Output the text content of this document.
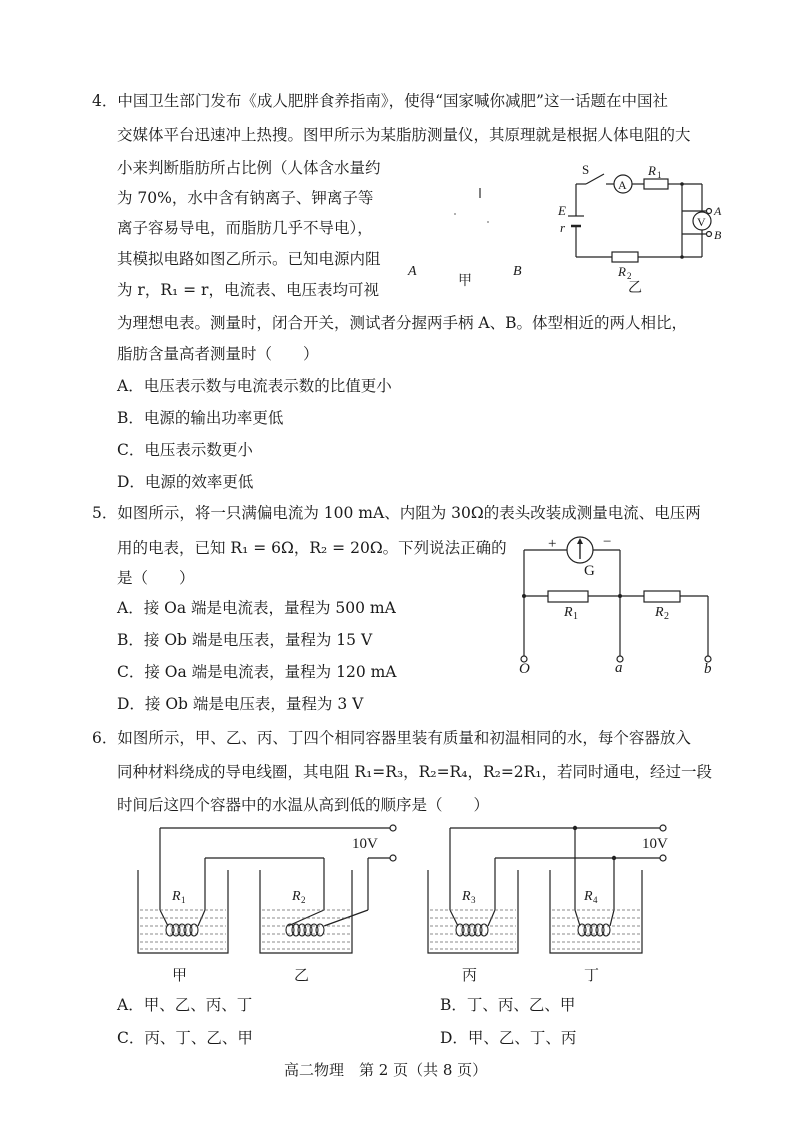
4．中国卫生部门发布《成人肥胖食养指南》，使得“国家喊你减肥”这一话题在中国社
交媒体平台迅速冲上热搜。图甲所示为某脂肪测量仪，其原理就是根据人体电阻的大
小来判断脂肪所占比例（人体含水量约
为 70%，水中含有钠离子、钾离子等
离子容易导电，而脂肪几乎不导电），
其模拟电路如图乙所示。已知电源内阻
为 r，R₁ = r，电流表、电压表均可视
为理想电表。测量时，闭合开关，测试者分握两手柄 A、B。体型相近的两人相比，
脂肪含量高者测量时（　　）
A．电压表示数与电流表示数的比值更小
B．电源的输出功率更低
C．电压表示数更小
D．电源的效率更低
A
甲
B
S
A
R 1
V
E
r
A
B
R 2
乙
5．如图所示，将一只满偏电流为 100 mA、内阻为 30Ω的表头改装成测量电流、电压两
用的电表，已知 R₁ = 6Ω，R₂ = 20Ω。下列说法正确的
是（　　）
A．接 Oa 端是电流表，量程为 500 mA
B．接 Ob 端是电压表，量程为 15 V
C．接 Oa 端是电流表，量程为 120 mA
D．接 Ob 端是电压表，量程为 3 V
+	−
G
R 1	R 2
O	a	b
6．如图所示，甲、乙、丙、丁四个相同容器里装有质量和初温相同的水，每个容器放入
同种材料绕成的导电线圈，其电阻 R₁=R₃，R₂=R₄，R₂=2R₁，若同时通电，经过一段
时间后这四个容器中的水温从高到低的顺序是（　　）
10V
R 1	R 2
甲	乙
10V
R 3	R 4
丙	丁
A．甲、乙、丙、丁	B．丁、丙、乙、甲
C．丙、丁、乙、甲	D．甲、乙、丁、丙
高二物理　第 2 页（共 8 页）
